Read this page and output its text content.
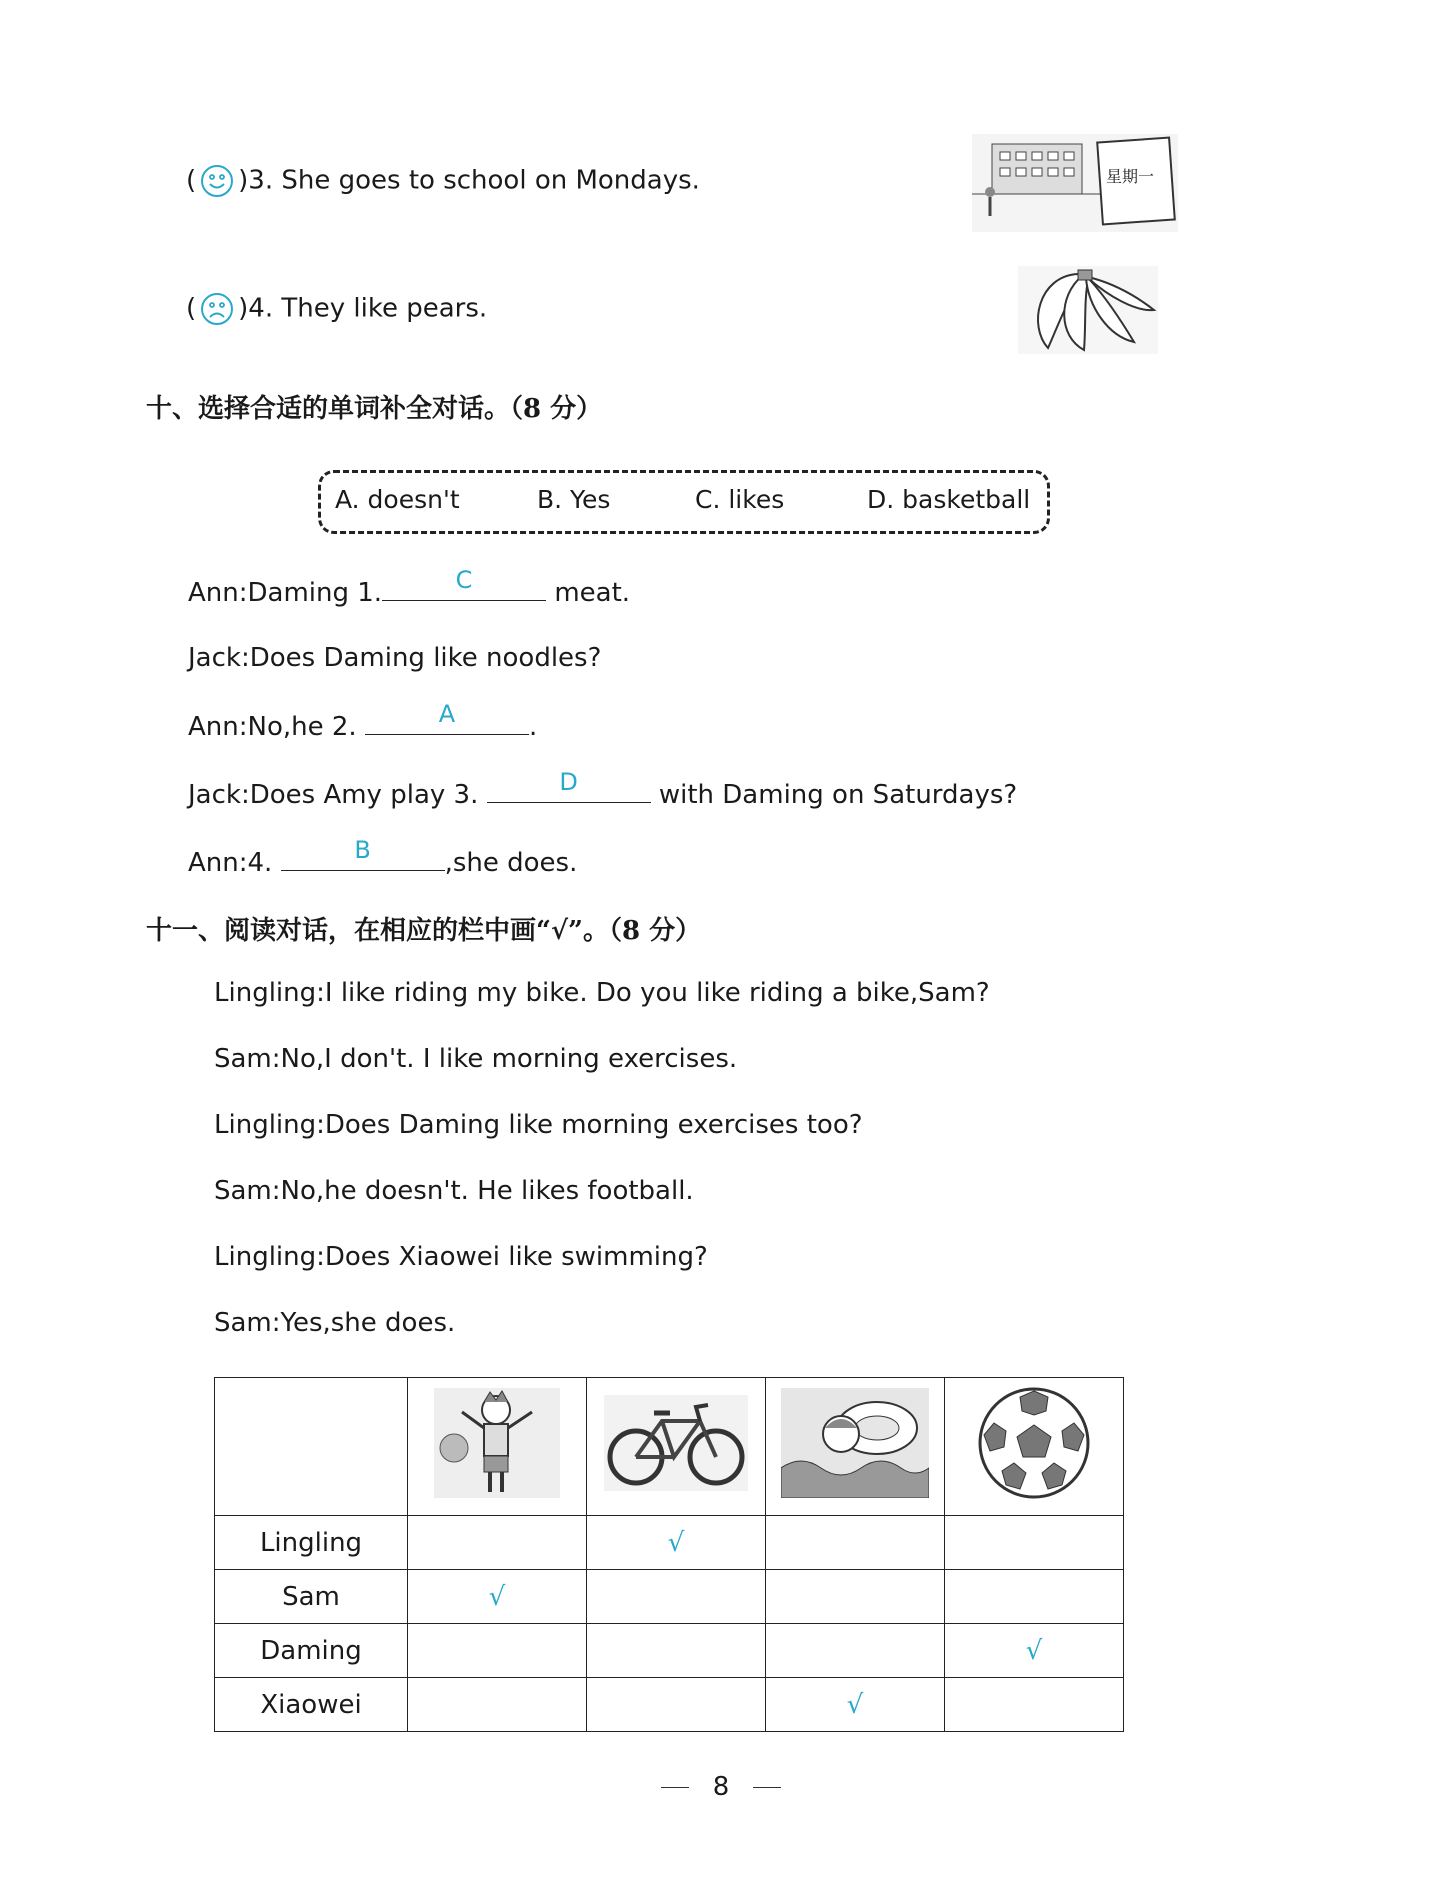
( )3. She goes to school on Mondays.
( )4. They like pears.
星期一
十、选择合适的单词补全对话。（8 分）
A. doesn't	B. Yes	C. likes	D. basketball
Ann:Daming 1.	C	meat.
Jack:Does Daming like noodles?
Ann:No,he 2.	A	.
Jack:Does Amy play 3.	D	with Daming on Saturdays?
Ann:4.	B	,she does.
十一、阅读对话，在相应的栏中画“√”。（8 分）
Lingling:I like riding my bike. Do you like riding a bike,Sam?
Sam:No,I don't. I like morning exercises.
Lingling:Does Daming like morning exercises too?
Sam:No,he doesn't. He likes football.
Lingling:Does Xiaowei like swimming?
Sam:Yes,she does.

Lingling		√		
Sam	√			
Daming				√
Xiaowei			√	
8
